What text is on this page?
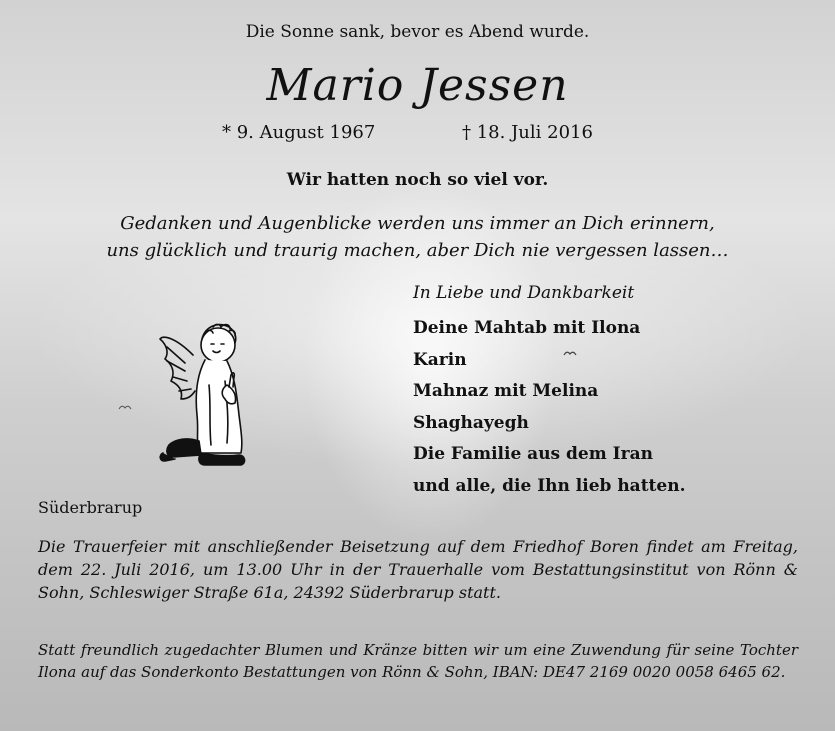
Die Sonne sank, bevor es Abend wurde.

Mario Jessen
* 9. August 1967	† 18. Juli 2016

Wir hatten noch so viel vor.

Gedanken und Augenblicke werden uns immer an Dich erinnern,
uns glücklich und traurig machen, aber Dich nie vergessen lassen…
In Liebe und Dankbarkeit
Deine Mahtab mit Ilona
Karin
Mahnaz mit Melina
Shaghayegh
Die Familie aus dem Iran
und alle, die Ihn lieb hatten.
Süderbrarup

Die Trauerfeier mit anschließender Beisetzung auf dem Friedhof Boren findet am Freitag, dem 22. Juli 2016, um 13.00 Uhr in der Trauerhalle vom Bestattungsinstitut von Rönn & Sohn, Schleswiger Straße 61a, 24392 Süderbrarup statt.

Statt freundlich zugedachter Blumen und Kränze bitten wir um eine Zuwendung für seine Tochter Ilona auf das Sonderkonto Bestattungen von Rönn & Sohn, IBAN: DE47 2169 0020 0058 6465 62.
